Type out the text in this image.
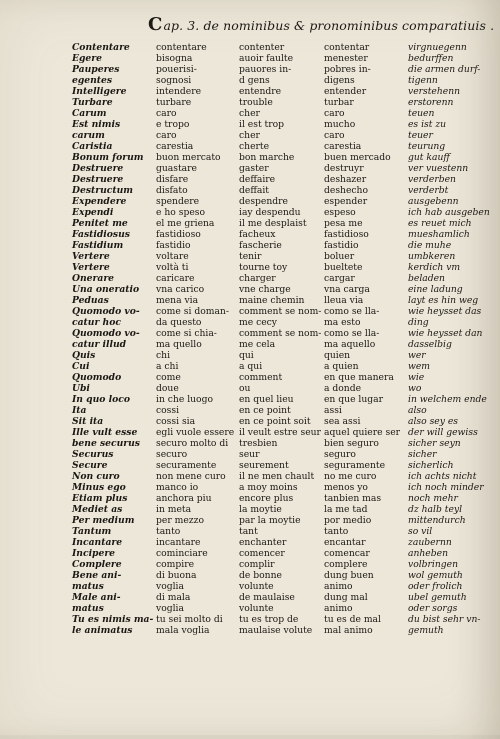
Cap. 3. de nominibus & pronominibus comparatiuis .
Contentare
Egere
Pauperes
egentes
Intelligere
Turbare
Carum
Est nimis
carum
Caristia
Bonum forum
Destruere
Destruere
Destructum
Expendere
Expendi
Penitet me
Fastidiosus
Fastidium
Vertere
Vertere
Onerare
Una oneratio
Peduas
Quomodo vo-
catur hoc
Quomodo vo-
catur illud
Quis
Cui
Quomodo
Ubi
In quo loco
Ita
Sit ita
Ille vult esse
bene securus
Securus
Secure
Non curo
Minus ego
Etiam plus
Mediet as
Per medium
Tantum
Incantare
Incipere
Complere
Bene ani-
matus
Male ani-
matus
Tu es nimis ma-
le animatus
contentare
bisogna
pouerisi-
sognosi
intendere
turbare
caro
e tropo
caro
carestia
buon mercato
guastare
disfare
disfato
spendere
e ho speso
el me griena
fastidioso
fastidio
voltare
voltà ti
caricare
vna carico
mena via
come si doman-
da questo
come si chia-
ma quello
chi
a chi
come
doue
in che luogo
cossi
cossi sia
egli vuole essere
securo molto di
securo
securamente
non mene curo
manco io
anchora piu
in meta
per mezzo
tanto
incantare
cominciare
compire
di buona
voglia
di mala
voglia
tu sei molto di
mala voglia
contenter
auoir faulte
pauores in-
d gens
entendre
trouble
cher
il est trop
cher
cherte
bon marche
gaster
deffaire
deffait
despendre
iay despendu
il me desplaist
facheux
fascherie
tenir
tourne toy
charger
vne charge
maine chemin
comment se nom-
me cecy
comment se nom-
me cela
qui
a qui
comment
ou
en quel lieu
en ce point
en ce point soit
il veult estre seur
tresbien
seur
seurement
il ne men chault
a moy moins
encore plus
la moytie
par la moytie
tant
enchanter
comencer
complir
de bonne
volunte
de maulaise
volunte
tu es trop de
maulaise volute
contentar
menester
pobres in-
digens
entender
turbar
caro
mucho
caro
carestia
buen mercado
destruyr
deshazer
deshecho
espender
espeso
pesa me
fastidioso
fastidio
boluer
bueltete
cargar
vna carga
lleua via
como se lla-
ma esto
como se lla-
ma aquello
quien
a quien
en que manera
a donde
en que lugar
assi
sea assi
aquel quiere ser
bien seguro
seguro
seguramente
no me curo
menos yo
tanbien mas
la me tad
por medio
tanto
encantar
comencar
complere
dung buen
animo
dung mal
animo
tu es de mal
mal animo
virgnuegenn
bedurffen
die armen durf-
tigenn
verstehenn
erstorenn
teuen
es ist zu
teuer
teurung
gut kauff
ver vuestenn
verderben
verderbt
ausgebenn
ich hab ausgeben
es reuet mich
mueshamlich
die muhe
umbkeren
kerdich vm
beladen
eine ladung
layt es hin weg
wie heysset das
ding
wie heysset dan
dasselbig
wer
wem
wie
wo
in welchem ende
also
also sey es
der will gewiss
sicher seyn
sicher
sicherlich
ich achts nicht
ich noch minder
noch mehr
dz halb teyl
mittendurch
so vil
zaubernn
anheben
volbringen
wol gemuth
oder frolich
ubel gemuth
oder sorgs
du bist sehr vn-
gemuth
